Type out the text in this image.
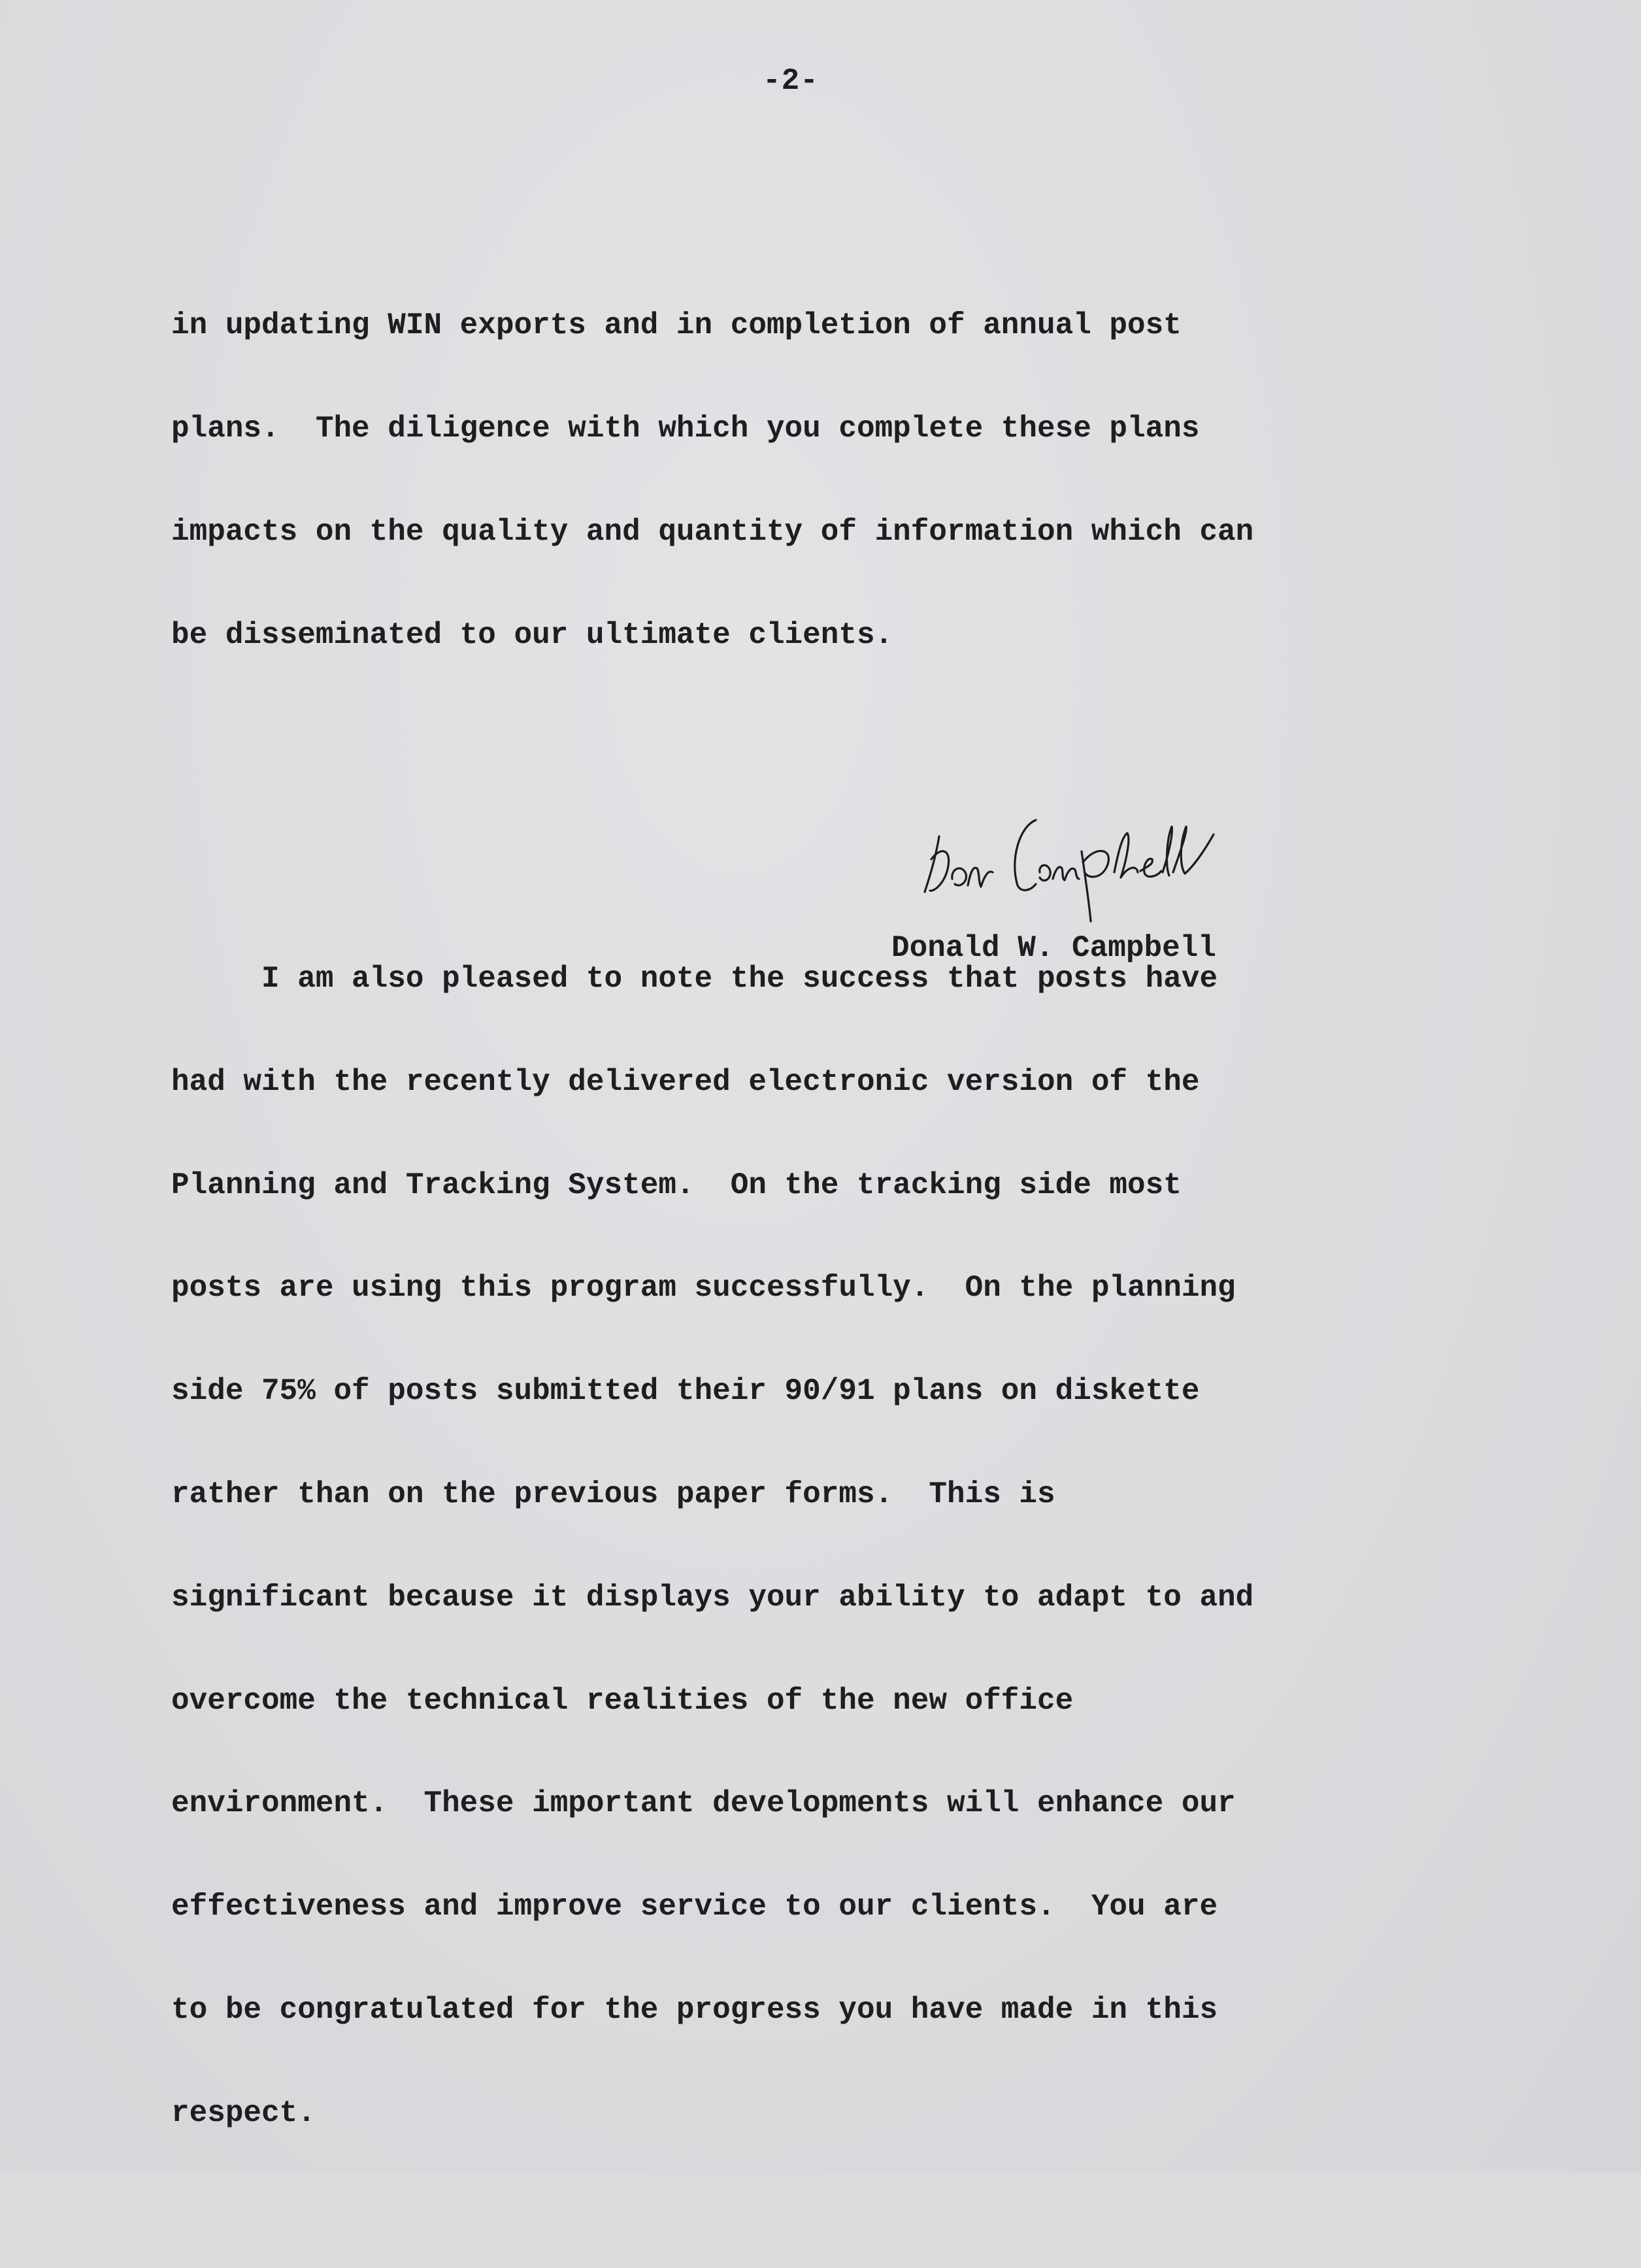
-2-

in updating WIN exports and in completion of annual post

plans.  The diligence with which you complete these plans

impacts on the quality and quantity of information which can

be disseminated to our ultimate clients.

I am also pleased to note the success that posts have

had with the recently delivered electronic version of the

Planning and Tracking System.  On the tracking side most

posts are using this program successfully.  On the planning

side 75% of posts submitted their 90/91 plans on diskette

rather than on the previous paper forms.  This is

significant because it displays your ability to adapt to and

overcome the technical realities of the new office

environment.  These important developments will enhance our

effectiveness and improve service to our clients.  You are

to be congratulated for the progress you have made in this

respect.

Donald W. Campbell
